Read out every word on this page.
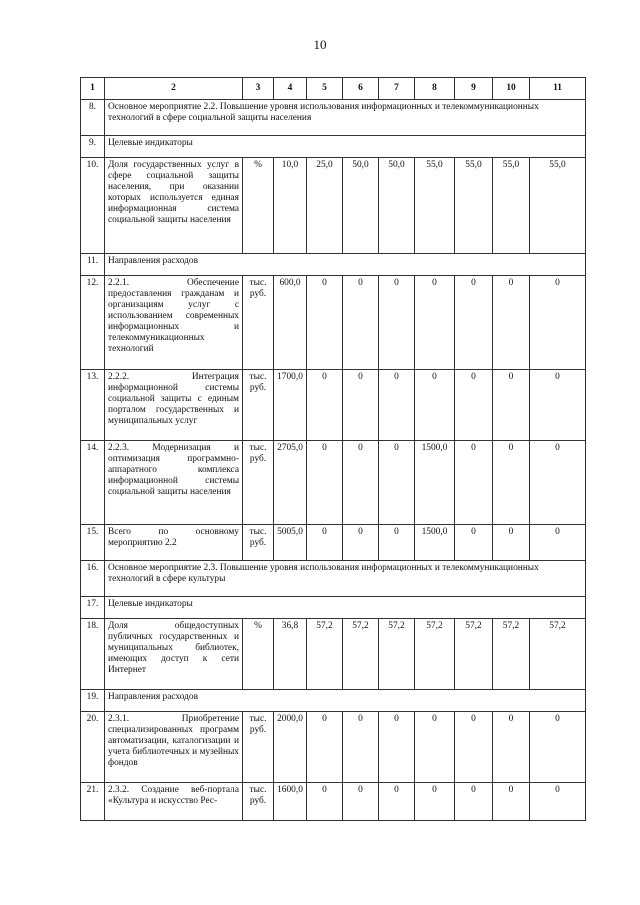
10
1	2	3	4	5	6	7	8	9	10	11
8.	Основное мероприятие 2.2. Повышение уровня использования информационных и телекоммуникационных технологий в сфере социальной защиты населения									
9.	Целевые индикаторы									
10.	Доля государственных услуг в сфере социальной защиты населения, при оказании которых используется единая информационная система социальной защиты населения	%	10,0	25,0	50,0	50,0	55,0	55,0	55,0	55,0
11.	Направления расходов									
12.	2.2.1. Обеспечение предоставления гражданам и организациям услуг с использованием современных информационных и телекоммуникационных технологий	тыс. руб.	600,0	0	0	0	0	0	0	0
13.	2.2.2. Интеграция информационной системы социальной защиты с единым порталом государственных и муниципальных услуг	тыс. руб.	1700,0	0	0	0	0	0	0	0
14.	2.2.3. Модернизация и оптимизация программно-аппаратного комплекса информационной системы социальной защиты населения	тыс. руб.	2705,0	0	0	0	1500,0	0	0	0
15.	Всего по основному мероприятию 2.2	тыс. руб.	5005,0	0	0	0	1500,0	0	0	0
16.	Основное мероприятие 2.3. Повышение уровня использования информационных и телекоммуникационных технологий в сфере культуры									
17.	Целевые индикаторы									
18.	Доля общедоступных публичных государственных и муниципальных библиотек, имеющих доступ к сети Интернет	%	36,8	57,2	57,2	57,2	57,2	57,2	57,2	57,2
19.	Направления расходов									
20.	2.3.1. Приобретение специализированных программ автоматизации, каталогизации и учета библиотечных и музейных фондов	тыс. руб.	2000,0	0	0	0	0	0	0	0
21.	2.3.2. Создание веб-портала «Культура и искусство Рес-	тыс. руб.	1600,0	0	0	0	0	0	0	0
